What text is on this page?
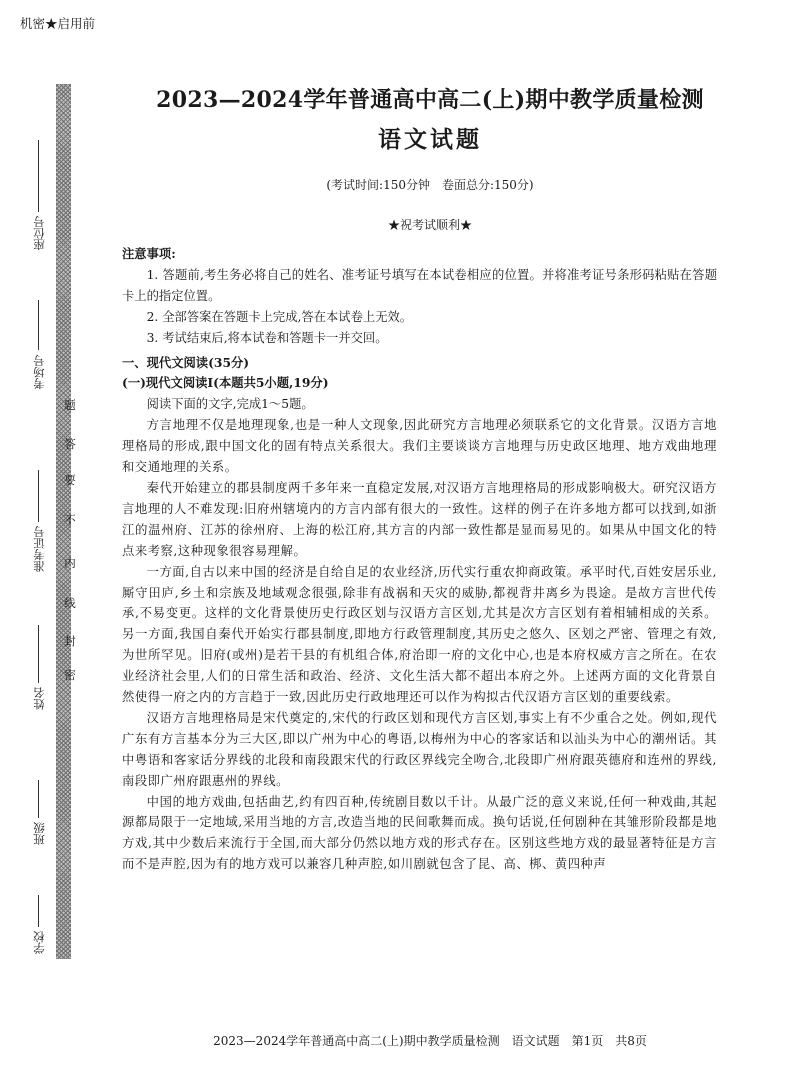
机密★启用前
座位号
考场号
准考证号
姓名
班级
学校
题
答
要
不
内
线
封
密
2023—2024学年普通高中高二(上)期中教学质量检测
语文试题
(考试时间:150分钟　卷面总分:150分)
★祝考试顺利★

注意事项:

1. 答题前,考生务必将自己的姓名、准考证号填写在本试卷相应的位置。并将准考证号条形码粘贴在答题卡上的指定位置。

2. 全部答案在答题卡上完成,答在本试卷上无效。

3. 考试结束后,将本试卷和答题卡一并交回。

一、现代文阅读(35分)

(一)现代文阅读Ⅰ(本题共5小题,19分)

阅读下面的文字,完成1～5题。

方言地理不仅是地理现象,也是一种人文现象,因此研究方言地理必须联系它的文化背景。汉语方言地理格局的形成,跟中国文化的固有特点关系很大。我们主要谈谈方言地理与历史政区地理、地方戏曲地理和交通地理的关系。

秦代开始建立的郡县制度两千多年来一直稳定发展,对汉语方言地理格局的形成影响极大。研究汉语方言地理的人不难发现:旧府州辖境内的方言内部有很大的一致性。这样的例子在许多地方都可以找到,如浙江的温州府、江苏的徐州府、上海的松江府,其方言的内部一致性都是显而易见的。如果从中国文化的特点来考察,这种现象很容易理解。

一方面,自古以来中国的经济是自给自足的农业经济,历代实行重农抑商政策。承平时代,百姓安居乐业,厮守田庐,乡土和宗族及地域观念很强,除非有战祸和天灾的威胁,都视背井离乡为畏途。是故方言世代传承,不易变更。这样的文化背景使历史行政区划与汉语方言区划,尤其是次方言区划有着相辅相成的关系。另一方面,我国自秦代开始实行郡县制度,即地方行政管理制度,其历史之悠久、区划之严密、管理之有效,为世所罕见。旧府(或州)是若干县的有机组合体,府治即一府的文化中心,也是本府权威方言之所在。在农业经济社会里,人们的日常生活和政治、经济、文化生活大都不超出本府之外。上述两方面的文化背景自然使得一府之内的方言趋于一致,因此历史行政地理还可以作为构拟古代汉语方言区划的重要线索。

汉语方言地理格局是宋代奠定的,宋代的行政区划和现代方言区划,事实上有不少重合之处。例如,现代广东有方言基本分为三大区,即以广州为中心的粤语,以梅州为中心的客家话和以汕头为中心的潮州话。其中粤语和客家话分界线的北段和南段跟宋代的行政区界线完全吻合,北段即广州府跟英德府和连州的界线,南段即广州府跟惠州的界线。

中国的地方戏曲,包括曲艺,约有四百种,传统剧目数以千计。从最广泛的意义来说,任何一种戏曲,其起源都局限于一定地域,采用当地的方言,改造当地的民间歌舞而成。换句话说,任何剧种在其雏形阶段都是地方戏,其中少数后来流行于全国,而大部分仍然以地方戏的形式存在。区别这些地方戏的最显著特征是方言而不是声腔,因为有的地方戏可以兼容几种声腔,如川剧就包含了昆、高、梆、黄四种声

2023—2024学年普通高中高二(上)期中教学质量检测　语文试题　第1页　共8页
